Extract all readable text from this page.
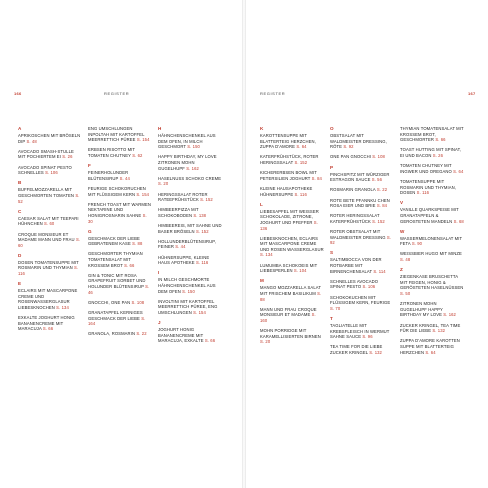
166	REGISTER
A
APRIKOSCHEN MIT BRÖSELN DIP S. 48
AVOCADO SMASH-STULLE MIT POCHIERTEM EI S. 26
AVOCADO SPINAT PESTO SCHNELLES S. 106
B
BUFFELMOZZARELLA MIT GESCHMORTEN TOMATEN S. 52
C
CAESAR SALAT MIT TEEPARI HÜHNCHEN S. 60
CROQUE MONSIEUR ET MADAME MANN UND FRAU S. 60
D
DOSEN TOMATENSUPPE MIT ROSMARIN UND THYMIAN S. 116
E
ECLAIRS MIT MASCARPONE CREME UND ROSENWASSERGLASUR LIEBESKNOCHEN S. 134
EXKALTE JOGHURT HONIG BANANENCREME MIT MARACUJA S. 66
ENG UMSCHLUNGEN INPOLTAH MIT KARTOFFEL MEERRETTICH PÜREE S. 154
ERBSEN RISOTTO MIT TOMATEN CHUTNEY S. 62
F
FEINERHOLUNDER BLÜTENSIRUP S. 44
FEURIGE SCHOKORUCHEN MIT FLÜSSIGEM KERN S. 154
FRENCH TOAST MIT WARMEN NEKTARINE UND HONIGROSNARIN SAHNE S. 30
G
GESCHMACK DER LIEBE GEBRATENEM KASE S. 88
GESCHMORTER THYMIAN TOMATENSALAT MIT KROSSEM BROT S. 66
GIN & TONIC MIT ROSA GRAPEFRUIT SORBET UND HOLUNDER BLÜTENSIRUP S. 46
GNOCCHI, ONE PAN S. 108
GRANATAPFEL KERNIGES GESCHMACK DER LIEBE S. 164
GRANOLA, ROSMARIN S. 22
H
HÄHNCHENSCHENKEL AUS DEM OFEN, IN MILCH GESCHMORT S. 150
HAPPY BIRTHDAY, MY LOVE ZITRONEN MOHN GUGELHUPF S. 162
HASELNUSS SCHOKO CREME S. 20
HERINGSSALAT ROTER RATEEFRÜHSTÜCK S. 152
HIMBEERPIZZA MIT SCHOKOBODEN S. 138
HIMBEEREIS, MIT SAHNE UND BASER BRÖSELN S. 152
HOLLUNDERBLÜTENSIRUP, FEINER S. 44
HÜHNERSUPPE, KLEINE HAUS APOTHEKE S. 116
I
IN MILCH GESCHMORTE HÄHNCHENSCHENKEL AUS DEM OFEN S. 150
INVOLTINI MIT KARTOFFEL MEERRETTICH PÜREE, ENG UMSCHLUNGEN S. 154
J
JOGHURT HONIG BANANENCREME MIT MARACUJA, EXKALTE S. 66
REGISTER	167
K
KAROTTENSUPPE MIT BLATTERTEIG HERZCHEN, ZUPPA D'AMORE S. 64
KATERFRÜHSTÜCK, ROTER HERINGSSALAT S. 152
KICHERERBSEN BOWL MIT PETERSILIEN JOGHURT S. 84
KLEINE HAUSAPOTHEKE HÜHNERSUPPE S. 116
L
LIEBESAPFEL MIT WEISSER SCHOKOLADE, ZITRONE, JOGHURT UND PFEFFER S. 136
LIEBESKNOCHEN, ECLAIRS MIT MASCARPONE CREME UND ROSEN WASSERGLASUR S. 134
LUMUMBA SCHOKOEIS MIT LIEBESPERLEN S. 104
M
MANGO MOZZARELLA SALAT MIT FRISCHEM BASILIKUM S. 88
MANN UND FRAU CROQUE MONSIEUR ET MADAME S. 160
MOHN PORRIDGE MIT KARAMELLISIERTEN BIRNEN S. 20
O
OBSTSALAT MIT WALDMEISTER DRESSING, RÖTE S. 92
ONE PAN GNOCCHI S. 108
P
PINCHSPITZ MIT WÜRZIGER ESTRAGON SAUCE S. 56
ROSMARIN GRANOLA S. 22
ROTE BETE PFANNKU CHEN ROSA EIER UND BRIE S. 84
ROTER HERINGSSALAT KATERFRÜHSTÜCK S. 152
ROTER OBSTSALAT MIT WALDMEISTER DRESSING S. 92
S
SALTIMBOCCA VON DER ROTBARBE MIT BIRNENCHENSALAT S. 114
SCHNELLES AVOCADO SPINAT PESTO S. 106
SCHOKOKUCHEN MIT FLÜSSIGEM KERN, FEURIGE S. 70
T
TAGLIATELLE MIT KREBSFLEISCH IN WERMUT SAHNE SAUCE S. 96
TEA TIME FOR DIE LIEBE ZUCKER KRINGEL S. 132
THYMIAN TOMATENSALAT MIT KROSSEM BROT, GESCHMORTER S. 66
TOAST HUTTING MIT SPINAT, EI UND BACON S. 26
TOMATEN CHUTNEY MIT INGWER UND OREGANO S. 64
TOMATENSUPPE MIT ROSMARIN UND THYMIAN, DOSEN S. 116
V
VANILLE QUARKSPEISE MIT GRANATAPFELN & GEROSTETEN MANDELN S. 68
W
WASSERMELONENSALAT MIT FETA S. 90
WEISSBIER HUGO MIT MINZE S. 48
Z
ZIEGENKASE BRUSCHETTA MIT FEIGEN, HONIG & GERÖSTETEN HASELNÜSSEN S. 50
ZITRONEN MOHN GUGELHUPF HAPPY BIRTHDAY MY LOVE S. 162
ZUCKER KRINGEL, TEA TIME FÜR DIE LIEBE S. 132
ZUPPA D'AMORE KAROTTEN SUPPE MIT BLATTERTEIG HERZCHEN S. 64
